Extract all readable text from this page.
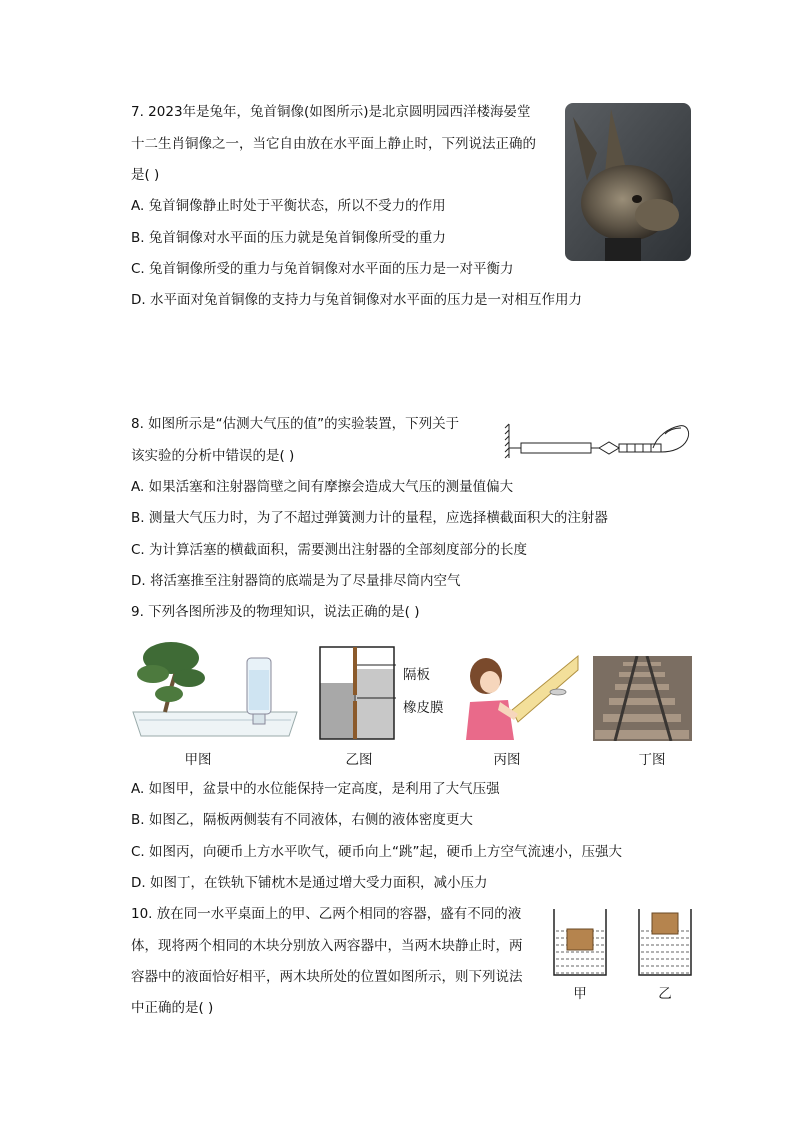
7. 2023年是兔年，兔首铜像(如图所示)是北京圆明园西洋楼海晏堂
十二生肖铜像之一，当它自由放在水平面上静止时，下列说法正确的
是( )
A. 兔首铜像静止时处于平衡状态，所以不受力的作用
B. 兔首铜像对水平面的压力就是兔首铜像所受的重力
C. 兔首铜像所受的重力与兔首铜像对水平面的压力是一对平衡力
D. 水平面对兔首铜像的支持力与兔首铜像对水平面的压力是一对相互作用力
8. 如图所示是“估测大气压的值”的实验装置，下列关于
该实验的分析中错误的是( )
A. 如果活塞和注射器筒壁之间有摩擦会造成大气压的测量值偏大
B. 测量大气压力时，为了不超过弹簧测力计的量程，应选择横截面积大的注射器
C. 为计算活塞的横截面积，需要测出注射器的全部刻度部分的长度
D. 将活塞推至注射器筒的底端是为了尽量排尽筒内空气
9. 下列各图所涉及的物理知识，说法正确的是( )
甲图
隔板
橡皮膜
乙图	丙图	丁图
A. 如图甲，盆景中的水位能保持一定高度，是利用了大气压强
B. 如图乙，隔板两侧装有不同液体，右侧的液体密度更大
C. 如图丙，向硬币上方水平吹气，硬币向上“跳”起，硬币上方空气流速小，压强大
D. 如图丁，在铁轨下铺枕木是通过增大受力面积，减小压力
10. 放在同一水平桌面上的甲、乙两个相同的容器，盛有不同的液
体，现将两个相同的木块分别放入两容器中，当两木块静止时，两
容器中的液面恰好相平，两木块所处的位置如图所示，则下列说法
中正确的是( )
甲	乙
